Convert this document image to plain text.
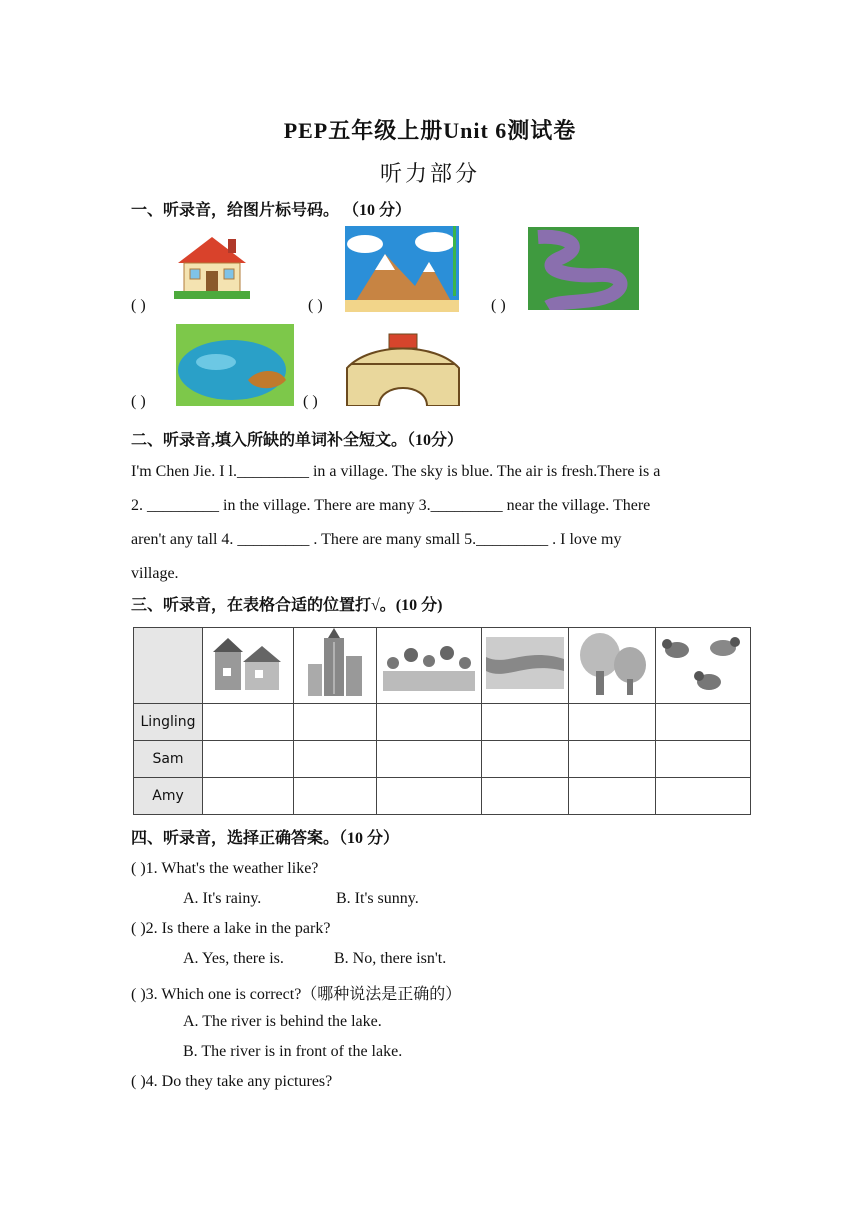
PEP五年级上册Unit 6测试卷
听力部分
一、听录音，给图片标号码。 （10 分）
( )	( )	( )
( )	( )
二、听录音,填入所缺的单词补全短文。（10分）
I'm Chen Jie. I l._________ in a village. The sky is blue. The air is fresh.There is a
2. _________ in the village. There are many 3._________ near the village. There
aren't any tall 4. _________ . There are many small 5._________ . I love my
village.
三、听录音，在表格合适的位置打√。(10 分)

Lingling						
Sam						
Amy						
四、听录音，选择正确答案。（10 分）
( )1. What's the weather like?
A. It's rainy.	B. It's sunny.
( )2. Is there a lake in the park?
A. Yes, there is.	B. No, there isn't.
( )3. Which one is correct?（哪种说法是正确的）
A. The river is behind the lake.
B. The river is in front of the lake.
( )4. Do they take any pictures?
